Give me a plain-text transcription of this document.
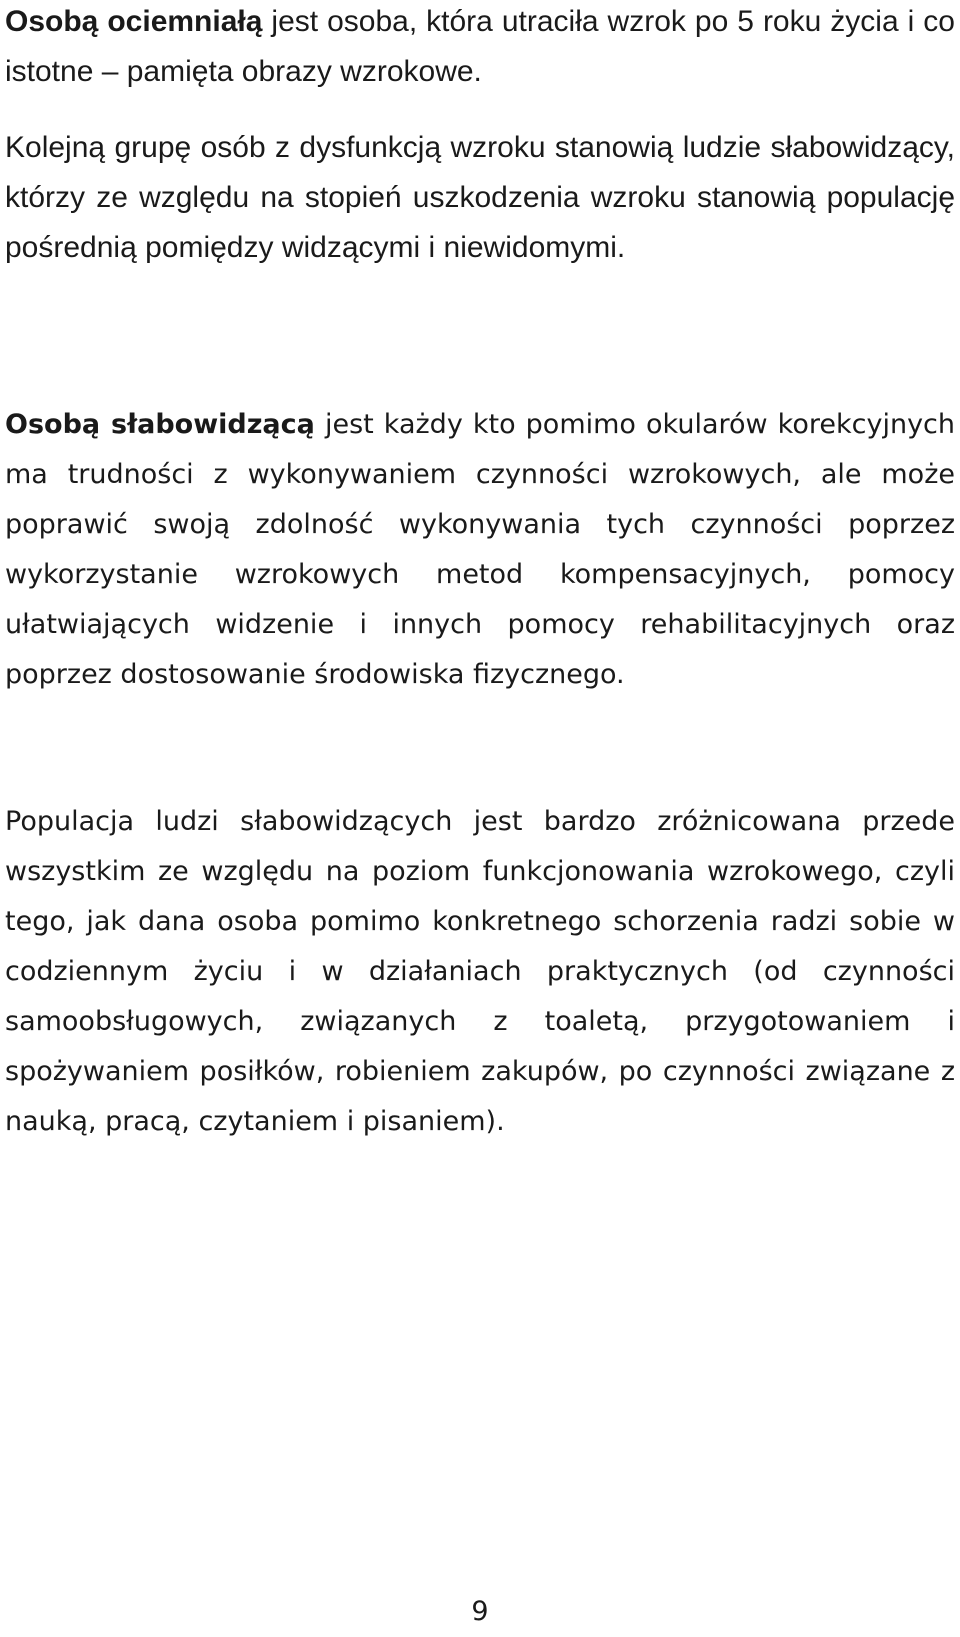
Osobą ociemniałą jest osoba, która utraciła wzrok po 5 roku życia i co istotne – pamięta obrazy wzrokowe.

Kolejną grupę osób z dysfunkcją wzroku stanowią ludzie słabowidzący, którzy ze względu na stopień uszkodzenia wzroku stanowią populację pośrednią pomiędzy widzącymi i niewidomymi.

Osobą słabowidzącą jest każdy kto pomimo okularów korekcyjnych ma trudności z wykonywaniem czynności wzrokowych, ale może poprawić swoją zdolność wykonywania tych czynności poprzez wykorzystanie wzrokowych metod kompensacyjnych, pomocy ułatwiających widzenie i innych pomocy rehabilitacyjnych oraz poprzez dostosowanie środowiska fizycznego.

Populacja ludzi słabowidzących jest bardzo zróżnicowana przede wszystkim ze względu na poziom funkcjonowania wzrokowego, czyli tego, jak dana osoba pomimo konkretnego schorzenia radzi sobie w codziennym życiu i w działaniach praktycznych (od czynności samoobsługowych, związanych z toaletą, przygotowaniem i spożywaniem posiłków, robieniem zakupów, po czynności związane z nauką, pracą, czytaniem i pisaniem).

9
